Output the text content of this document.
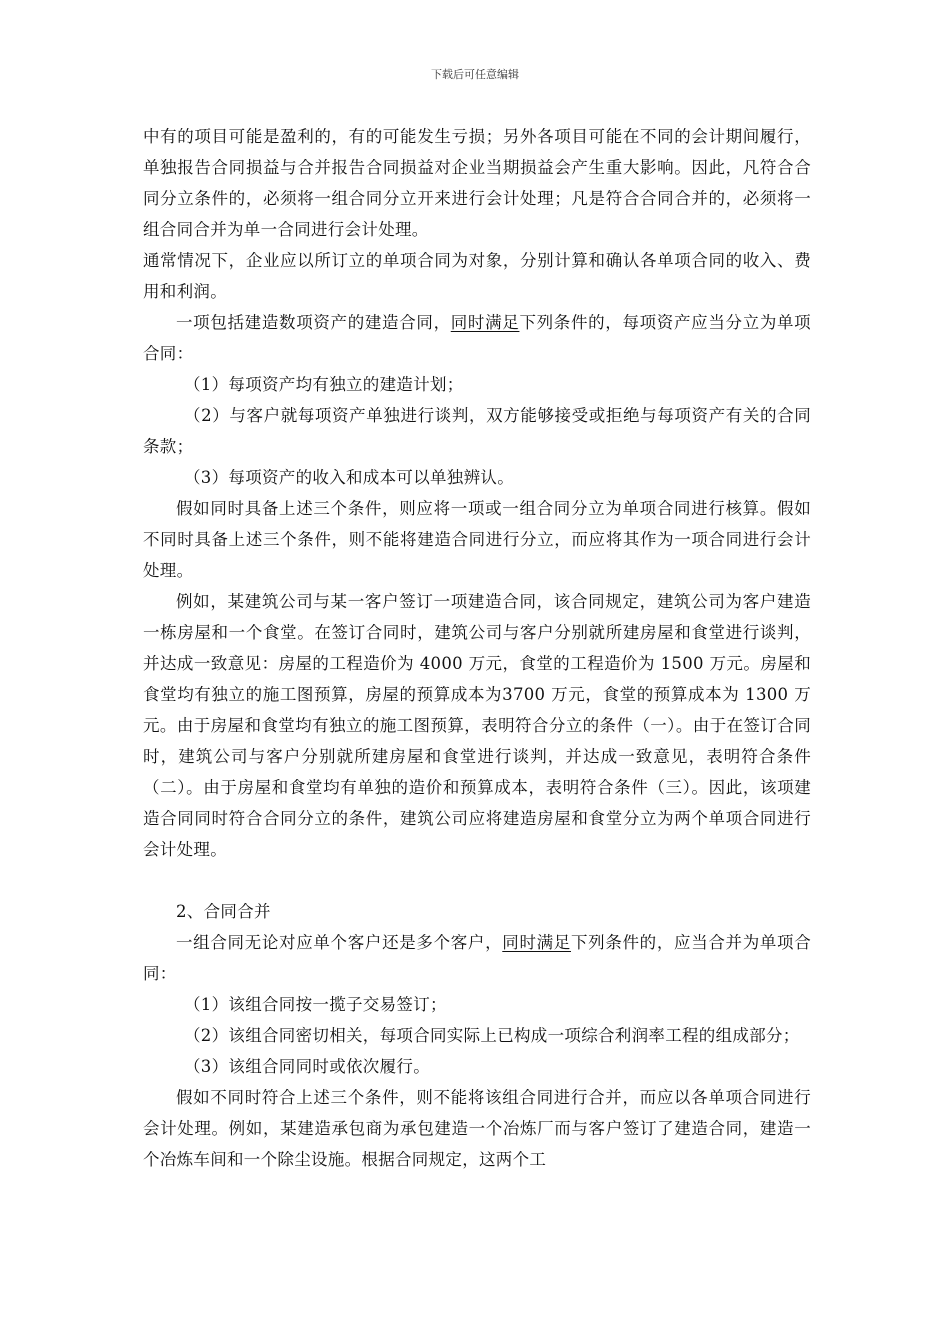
下载后可任意编辑

中有的项目可能是盈利的，有的可能发生亏损；另外各项目可能在不同的会计期间履行，单独报告合同损益与合并报告合同损益对企业当期损益会产生重大影响。因此，凡符合合同分立条件的，必须将一组合同分立开来进行会计处理；凡是符合合同合并的，必须将一组合同合并为单一合同进行会计处理。

通常情况下，企业应以所订立的单项合同为对象，分别计算和确认各单项合同的收入、费用和利润。

一项包括建造数项资产的建造合同，同时满足下列条件的，每项资产应当分立为单项合同：

（1）每项资产均有独立的建造计划；

（2）与客户就每项资产单独进行谈判，双方能够接受或拒绝与每项资产有关的合同条款；

（3）每项资产的收入和成本可以单独辨认。

假如同时具备上述三个条件，则应将一项或一组合同分立为单项合同进行核算。假如不同时具备上述三个条件，则不能将建造合同进行分立，而应将其作为一项合同进行会计处理。

例如，某建筑公司与某一客户签订一项建造合同，该合同规定，建筑公司为客户建造一栋房屋和一个食堂。在签订合同时，建筑公司与客户分别就所建房屋和食堂进行谈判，并达成一致意见：房屋的工程造价为 4000 万元，食堂的工程造价为 1500 万元。房屋和食堂均有独立的施工图预算，房屋的预算成本为3700 万元，食堂的预算成本为 1300 万元。由于房屋和食堂均有独立的施工图预算，表明符合分立的条件（一）。由于在签订合同时，建筑公司与客户分别就所建房屋和食堂进行谈判，并达成一致意见，表明符合条件（二）。由于房屋和食堂均有单独的造价和预算成本，表明符合条件（三）。因此，该项建造合同同时符合合同分立的条件，建筑公司应将建造房屋和食堂分立为两个单项合同进行会计处理。

2、合同合并

一组合同无论对应单个客户还是多个客户，同时满足下列条件的，应当合并为单项合同：

（1）该组合同按一揽子交易签订；

（2）该组合同密切相关，每项合同实际上已构成一项综合利润率工程的组成部分；

（3）该组合同同时或依次履行。

假如不同时符合上述三个条件，则不能将该组合同进行合并，而应以各单项合同进行会计处理。例如，某建造承包商为承包建造一个冶炼厂而与客户签订了建造合同，建造一个冶炼车间和一个除尘设施。根据合同规定，这两个工
